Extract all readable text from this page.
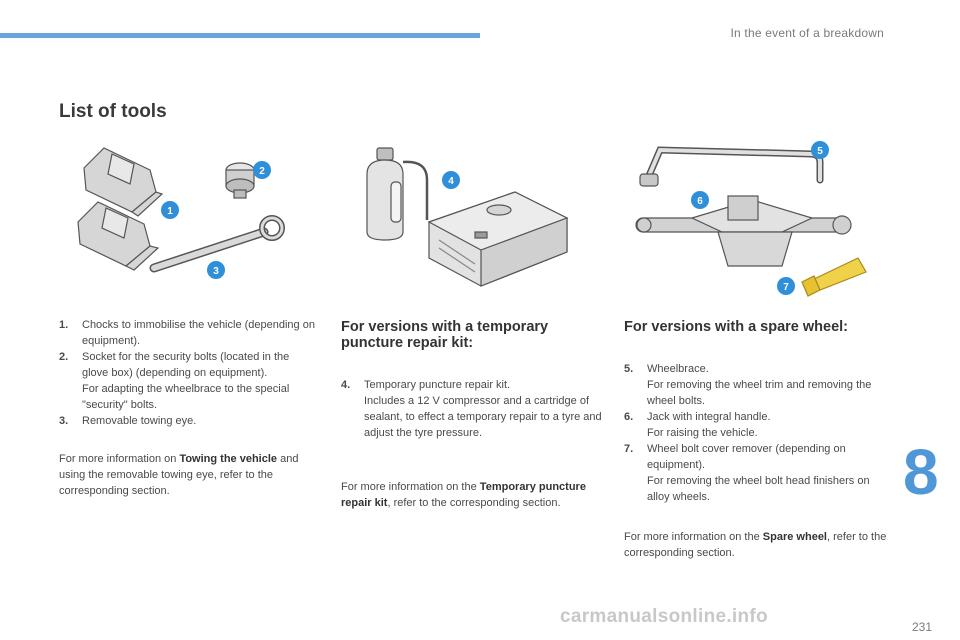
In the event of a breakdown
List of tools
1
2
3
4
5
6
7
1. Chocks to immobilise the vehicle (depending on equipment).

2. Socket for the security bolts (located in the glove box) (depending on equipment).

For adapting the wheelbrace to the special "security" bolts.

3. Removable towing eye.

For more information on Towing the vehicle and using the removable towing eye, refer to the corresponding section.

For versions with a temporary puncture repair kit:
4. Temporary puncture repair kit.

Includes a 12 V compressor and a cartridge of sealant, to effect a temporary repair to a tyre and adjust the tyre pressure.

For more information on the Temporary puncture repair kit, refer to the corresponding section.

For versions with a spare wheel:
5. Wheelbrace.

For removing the wheel trim and removing the wheel bolts.

6. Jack with integral handle.

For raising the vehicle.

7. Wheel bolt cover remover (depending on equipment).

For removing the wheel bolt head finishers on alloy wheels.

For more information on the Spare wheel, refer to the corresponding section.

8
carmanualsonline.info	231
